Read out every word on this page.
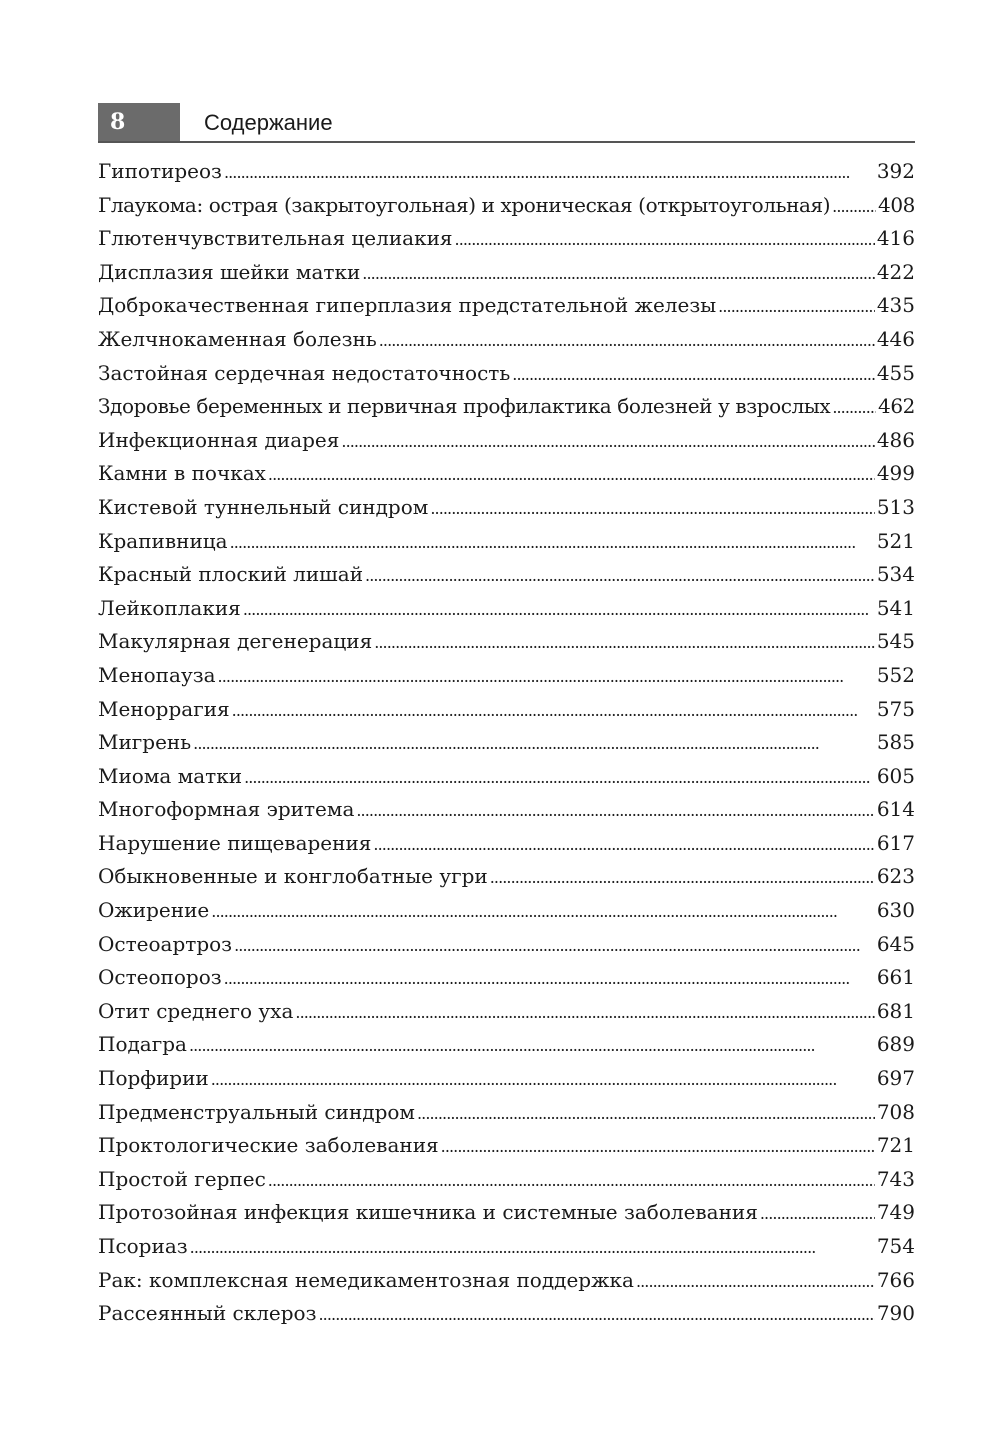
8	Содержание
Гипотиреоз . . .	392
Глаукома: острая (закрытоугольная) и хроническая (открытоугольная) . . . 408
Глютенчувствительная целиакия . . .	416
Дисплазия шейки матки . . .	422
Доброкачественная гиперплазия предстательной железы . . .	435
Желчнокаменная болезнь . . .	446
Застойная сердечная недостаточность . . .	455
Здоровье беременных и первичная профилактика болезней у взрослых . . . 462
Инфекционная диарея . . .	486
Камни в почках . . .	499
Кистевой туннельный синдром . . .	513
Крапивница . . .	521
Красный плоский лишай . . .	534
Лейкоплакия . . .	541
Макулярная дегенерация . . .	545
Менопауза . . .	552
Меноррагия . . .	575
Мигрень . . .	585
Миома матки . . .	605
Многоформная эритема . . .	614
Нарушение пищеварения . . .	617
Обыкновенные и конглобатные угри . . .	623
Ожирение . . .	630
Остеоартроз . . .	645
Остеопороз . . .	661
Отит среднего уха . . .	681
Подагра . . .	689
Порфирии . . .	697
Предменструальный синдром . . .	708
Проктологические заболевания . . .	721
Простой герпес . . .	743
Протозойная инфекция кишечника и системные заболевания . . .	749
Псориаз . . .	754
Рак: комплексная немедикаментозная поддержка . . .	766
Рассеянный склероз . . .	790
